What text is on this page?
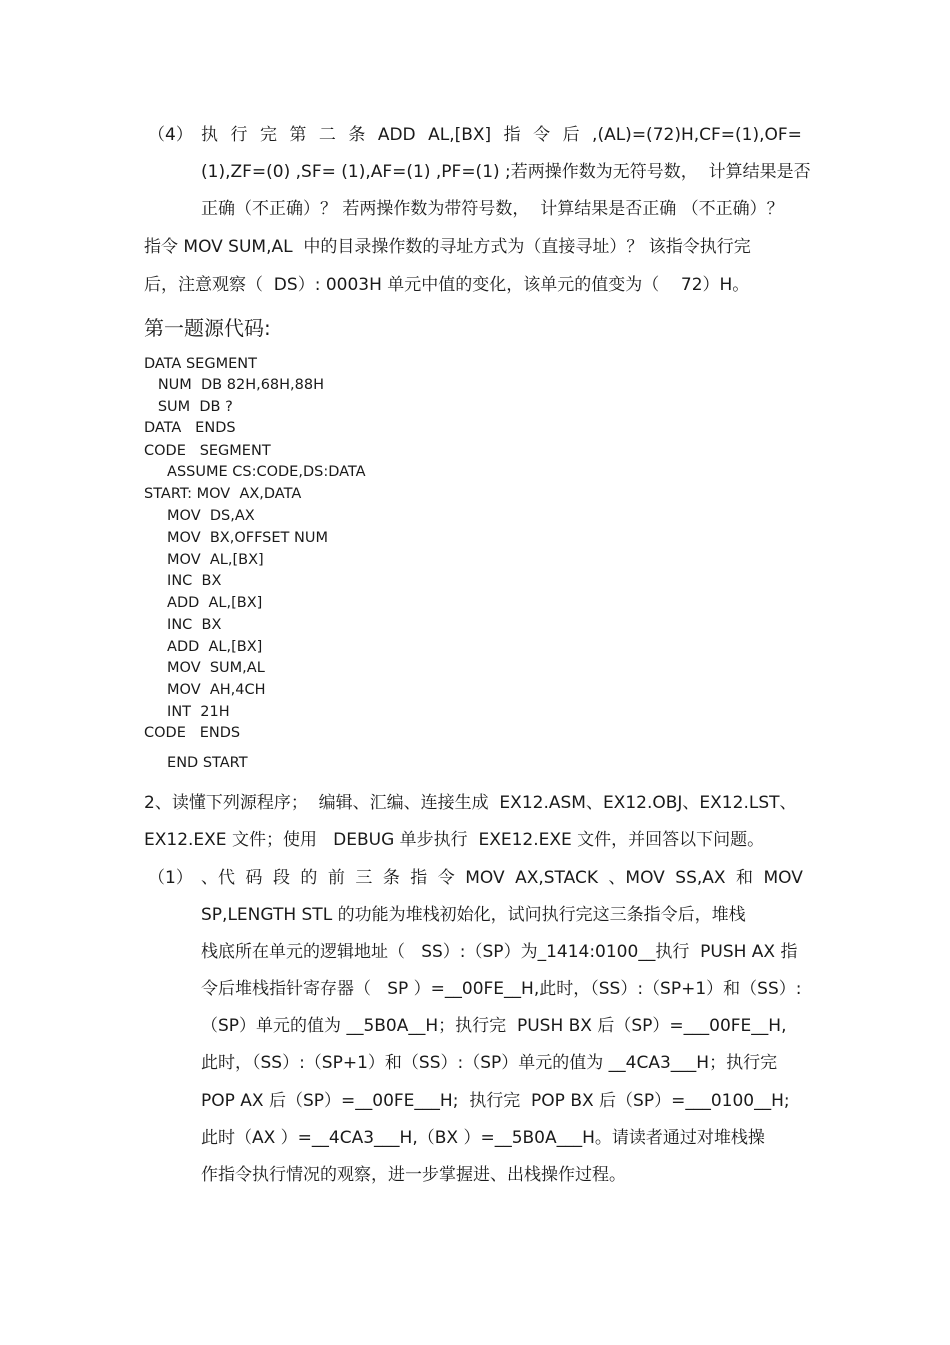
（4） 执 行 完 第 二 条 ADD AL,[BX] 指 令 后 ,(AL)=(72)H,CF=(1),OF=
(1),ZF=(0) ,SF= (1),AF=(1) ,PF=(1) ;若两操作数为无符号数，  计算结果是否
正确（不正确）？ 若两操作数为带符号数，  计算结果是否正确 （不正确）？
指令 MOV SUM,AL  中的目录操作数的寻址方式为（直接寻址）？ 该指令执行完
后，注意观察（  DS）: 0003H 单元中值的变化，该单元的值变为（    72）H。
第一题源代码:
DATA SEGMENT
NUM  DB 82H,68H,88H
SUM  DB ?
DATA   ENDS
CODE   SEGMENT
ASSUME CS:CODE,DS:DATA
START: MOV  AX,DATA
MOV  DS,AX
MOV  BX,OFFSET NUM
MOV  AL,[BX]
INC  BX
ADD  AL,[BX]
INC  BX
ADD  AL,[BX]
MOV  SUM,AL
MOV  AH,4CH
INT  21H
CODE   ENDS
END START
2、读懂下列源程序；  编辑、汇编、连接生成  EX12.ASM、EX12.OBJ、EX12.LST、
EX12.EXE 文件；使用   DEBUG 单步执行  EXE12.EXE 文件，并回答以下问题。
（1） 、代 码 段 的 前 三 条 指 令 MOV AX,STACK 、MOV SS,AX 和 MOV
SP,LENGTH STL 的功能为堆栈初始化，试问执行完这三条指令后，堆栈
栈底所在单元的逻辑地址（   SS）:（SP）为_1414:0100__执行  PUSH AX 指
令后堆栈指针寄存器（   SP ）=__00FE__H,此时，（SS）:（SP+1）和（SS）:
（SP）单元的值为 __5B0A__H；执行完  PUSH BX 后（SP）=___00FE__H,
此时，（SS）:（SP+1）和（SS）:（SP）单元的值为 __4CA3___H；执行完
POP AX 后（SP）=__00FE___H;  执行完  POP BX 后（SP）=___0100__H;
此时（AX ）=__4CA3___H,（BX ）=__5B0A___H。请读者通过对堆栈操
作指令执行情况的观察，进一步掌握进、出栈操作过程。
